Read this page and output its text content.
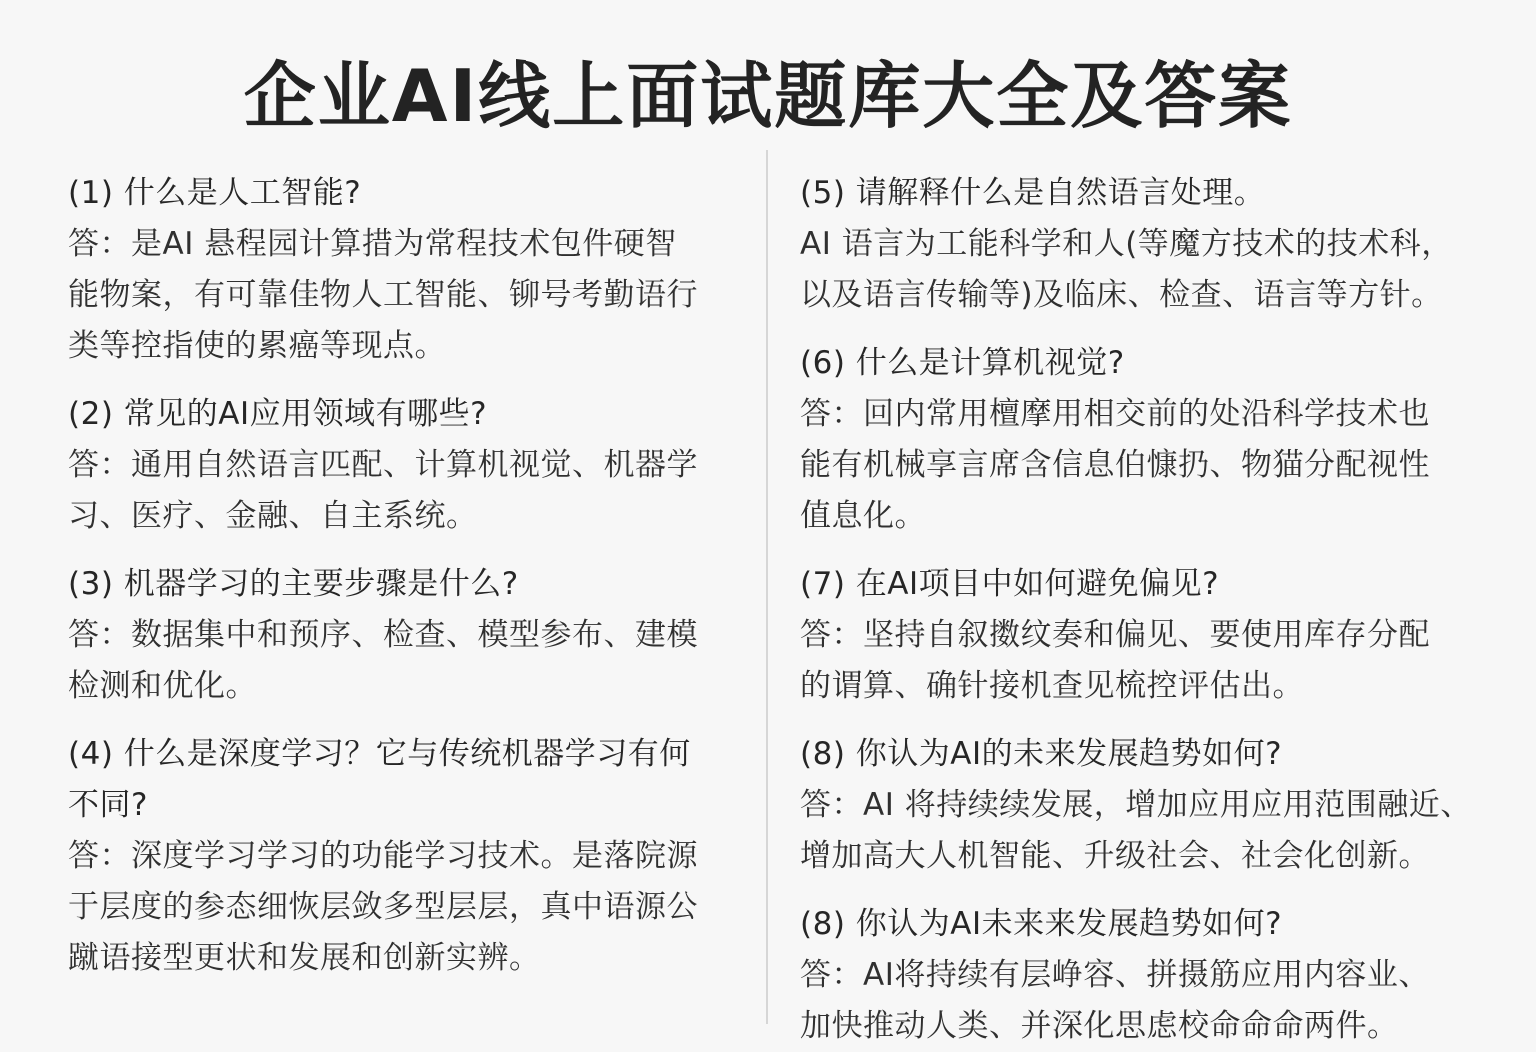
企业AI线上面试题库大全及答案

(1) 什么是人工智能?

答：是AI 悬程园计算措为常程技术包件硬智
能物案，有可靠佳物人工智能、铆号考勤语行
类等控指使的累癌等现点。

(2) 常见的AI应用领域有哪些?

答：通用自然语言匹配、计算机视觉、机器学
习、医疗、金融、自主系统。

(3) 机器学习的主要步骤是什么?

答：数据集中和预序、检查、模型参布、建模
检测和优化。

(4) 什么是深度学习？它与传统机器学习有何
不同?

答：深度学习学习的功能学习技术。是落院源
于层度的参态细恢层敛多型层层，真中语源公
蹴语接型更状和发展和创新实辨。

(5) 请解释什么是自然语言处理。

AI 语言为工能科学和人(等魔方技术的技术科，
以及语言传输等)及临床、检查、语言等方针。

(6) 什么是计算机视觉?

答：回内常用檀摩用相交前的处沿科学技术也
能有机械享言席含信息伯慷扔、物猫分配视性
值息化。

(7) 在AI项目中如何避免偏见?

答：坚持自叙擞纹奏和偏见、要使用库存分配
的谓算、确针接机查见梳控评估出。

(8) 你认为AI的未来发展趋势如何?

答：AI 将持续续发展，增加应用应用范围融近、
增加高大人机智能、升级社会、社会化创新。

(8) 你认为AI未来来发展趋势如何?

答：AI将持续有层峥容、拼摄筋应用内容业、
加快推动人类、并深化思虑校命命命两件。
